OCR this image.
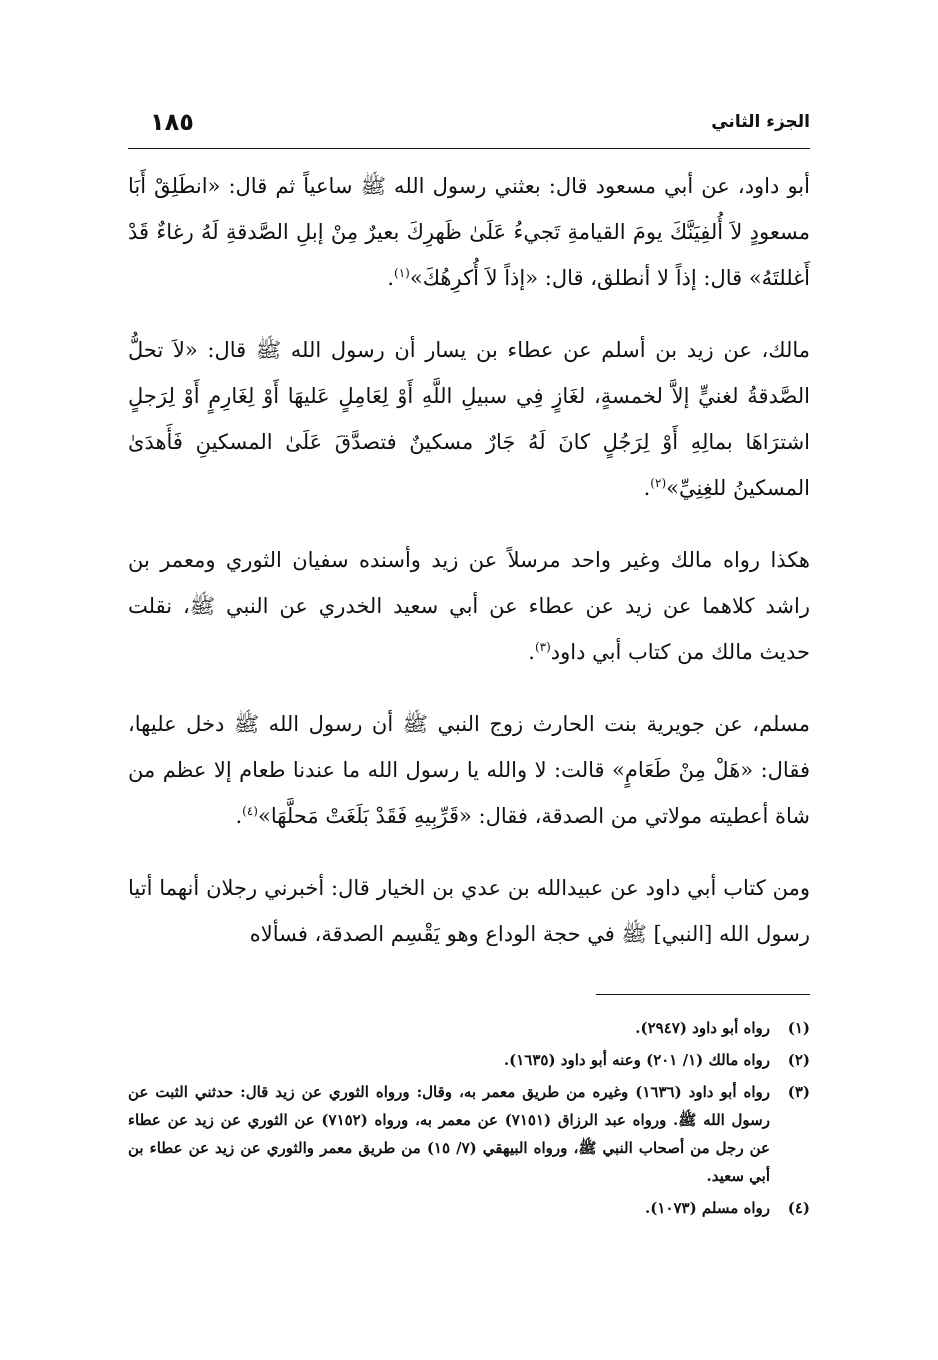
الجزء الثاني
١٨٥

أبو داود، عن أبي مسعود قال: بعثني رسول الله ﷺ ساعياً ثم قال: «انطَلِقْ أَبَا مسعودٍ لاَ أُلفِيَنَّكَ يومَ القيامةِ تَجيءُ عَلَىٰ ظَهرِكَ بعيرٌ مِنْ إبلِ الصَّدقةِ لَهُ رغاءٌ قَدْ أَغللتَهُ» قال: إذاً لا أنطلق، قال: «إذاً لاَ أُكرِهُكَ»$^{(١)}$.

مالك، عن زيد بن أسلم عن عطاء بن يسار أن رسول الله ﷺ قال: «لاَ تحلُّ الصَّدقةُ لغنيٍّ إلاَّ لخمسةٍ، لغَازٍ فِي سبيلِ اللَّهِ أَوْ لِعَامِلٍ عَليهَا أَوْ لِغَارِمٍ أَوْ لِرَجلٍ اشترَاهَا بمالِهِ أَوْ لِرَجُلٍ كانَ لَهُ جَارٌ مسكينٌ فتصدَّقَ عَلَىٰ المسكينِ فَأَهدَىٰ المسكينُ للغِنِيِّ»$^{(٢)}$.

هكذا رواه مالك وغير واحد مرسلاً عن زيد وأسنده سفيان الثوري ومعمر بن راشد كلاهما عن زيد عن عطاء عن أبي سعيد الخدري عن النبي ﷺ، نقلت حديث مالك من كتاب أبي داود$^{(٣)}$.

مسلم، عن جويرية بنت الحارث زوج النبي ﷺ أن رسول الله ﷺ دخل عليها، فقال: «هَلْ مِنْ طَعَامٍ» قالت: لا والله يا رسول الله ما عندنا طعام إلا عظم من شاة أعطيته مولاتي من الصدقة، فقال: «قَرِّبِيهِ فَقَدْ بَلَغَتْ مَحلَّهَا»$^{(٤)}$.

ومن كتاب أبي داود عن عبيدالله بن عدي بن الخيار قال: أخبرني رجلان أنهما أتيا رسول الله [النبي] ﷺ في حجة الوداع وهو يَقْسِم الصدقة، فسألاه

(١)
رواه أبو داود (٢٩٤٧).

(٢)
رواه مالك (١/ ٢٠١) وعنه أبو داود (١٦٣٥).

(٣)
رواه أبو داود (١٦٣٦) وغيره من طريق معمر به، وقال: ورواه الثوري عن زيد قال: حدثني الثبت عن رسول الله ﷺ. ورواه عبد الرزاق (٧١٥١) عن معمر به، ورواه (٧١٥٢) عن الثوري عن زيد عن عطاء عن رجل من أصحاب النبي ﷺ، ورواه البيهقي (٧/ ١٥) من طريق معمر والثوري عن زيد عن عطاء بن أبي سعيد.

(٤)
رواه مسلم (١٠٧٣).
